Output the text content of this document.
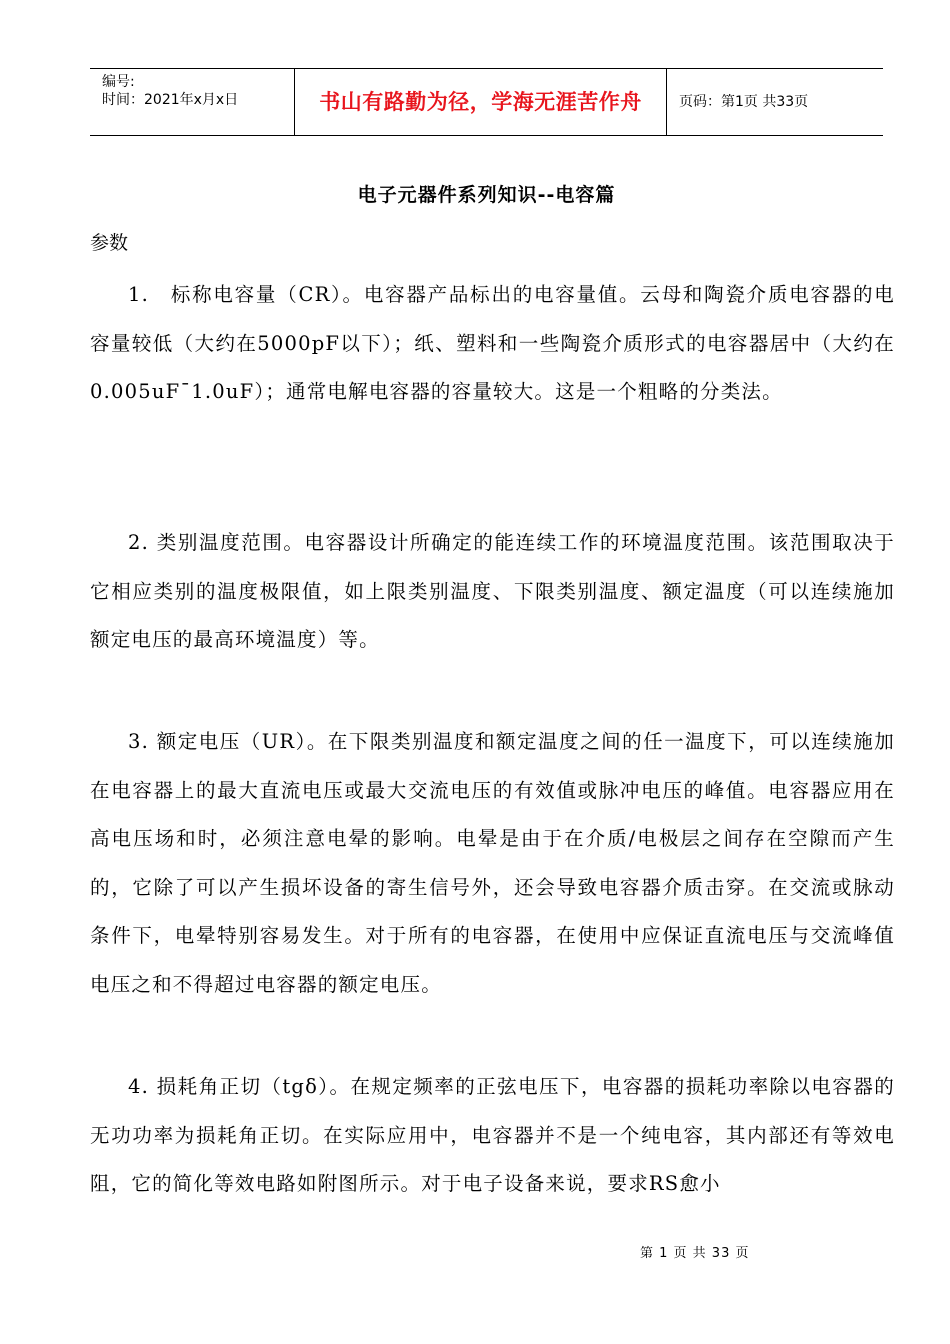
编号:
时间：2021年x月x日	书山有路勤为径，学海无涯苦作舟	页码：第1页 共33页
电子元器件系列知识--电容篇
参数

1.　标称电容量（CR）。电容器产品标出的电容量值。云母和陶瓷介质电容器的电容量较低（大约在5000pF以下）；纸、塑料和一些陶瓷介质形式的电容器居中（大约在0.005uF¯1.0uF）；通常电解电容器的容量较大。这是一个粗略的分类法。

2. 类别温度范围。电容器设计所确定的能连续工作的环境温度范围。该范围取决于它相应类别的温度极限值，如上限类别温度、下限类别温度、额定温度（可以连续施加额定电压的最高环境温度）等。

3. 额定电压（UR）。在下限类别温度和额定温度之间的任一温度下，可以连续施加在电容器上的最大直流电压或最大交流电压的有效值或脉冲电压的峰值。电容器应用在高电压场和时，必须注意电晕的影响。电晕是由于在介质/电极层之间存在空隙而产生的，它除了可以产生损坏设备的寄生信号外，还会导致电容器介质击穿。在交流或脉动条件下，电晕特别容易发生。对于所有的电容器，在使用中应保证直流电压与交流峰值电压之和不得超过电容器的额定电压。

4. 损耗角正切（tgδ）。在规定频率的正弦电压下，电容器的损耗功率除以电容器的无功功率为损耗角正切。在实际应用中，电容器并不是一个纯电容，其内部还有等效电阻，它的简化等效电路如附图所示。对于电子设备来说，要求RS愈小

第 1 页 共 33 页
